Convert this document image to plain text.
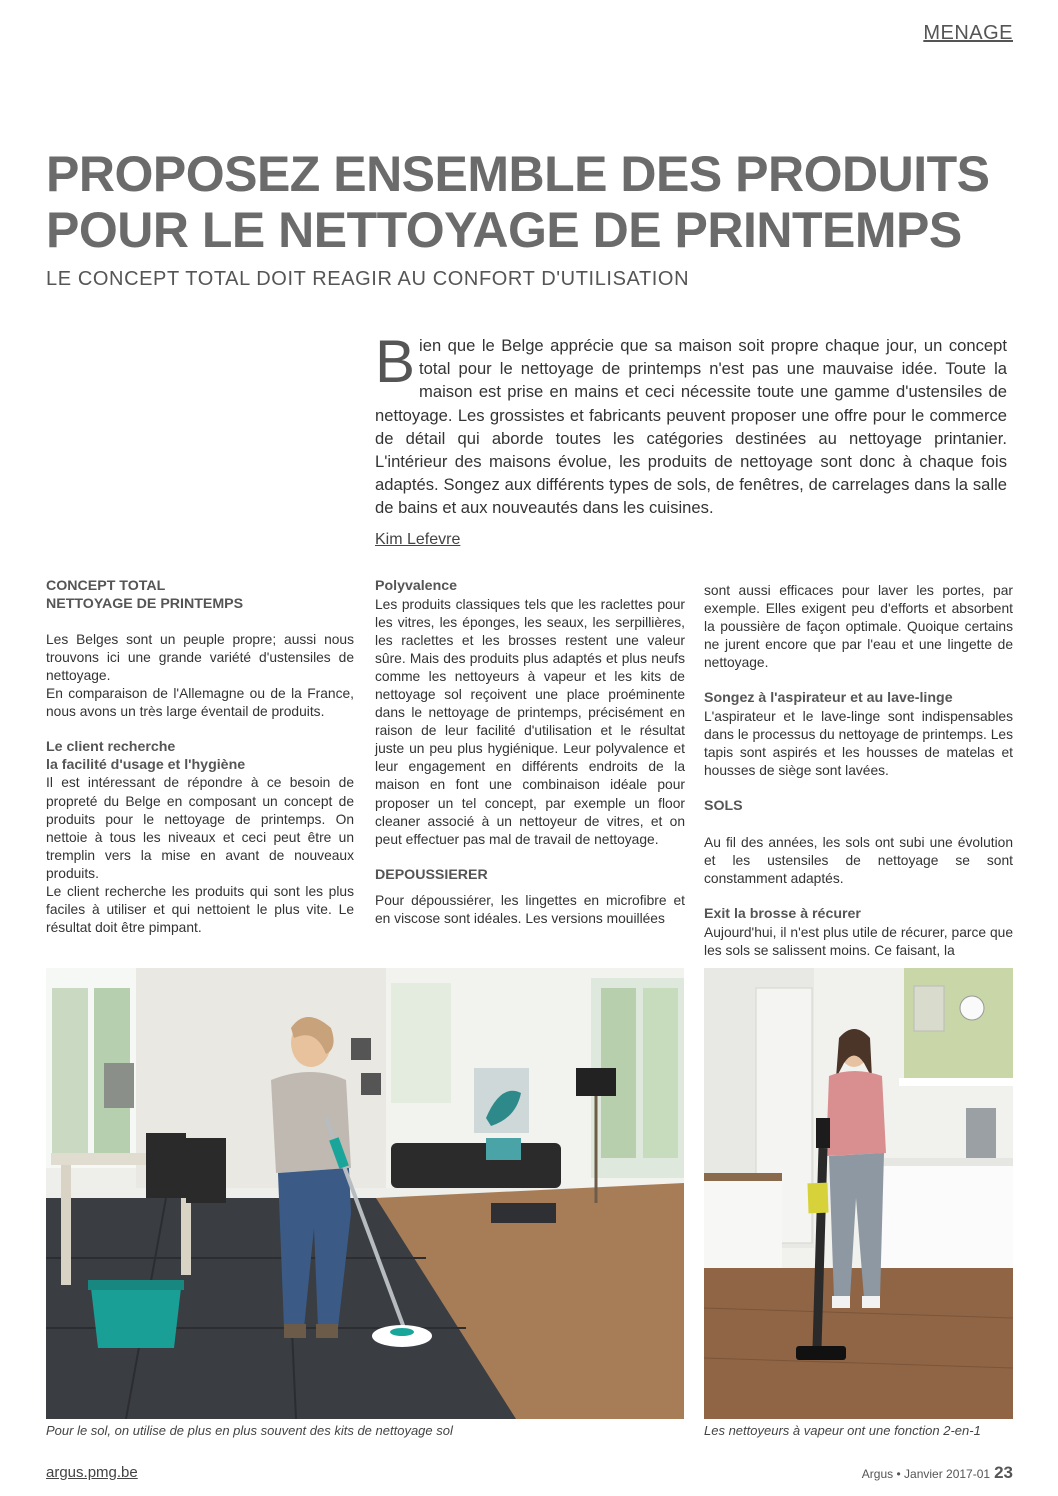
MENAGE
PROPOSEZ ENSEMBLE DES PRODUITS
POUR LE NETTOYAGE DE PRINTEMPS
LE CONCEPT TOTAL DOIT REAGIR AU CONFORT D'UTILISATION

Bien que le Belge apprécie que sa maison soit propre chaque jour, un concept total pour le nettoyage de printemps n'est pas une mauvaise idée. Toute la maison est prise en mains et ceci nécessite toute une gamme d'ustensiles de nettoyage. Les grossistes et fabricants peuvent proposer une offre pour le commerce de détail qui aborde toutes les catégories destinées au nettoyage printanier. L'intérieur des maisons évolue, les produits de nettoyage sont donc à chaque fois adaptés. Songez aux différents types de sols, de fenêtres, de carrelages dans la salle de bains et aux nouveautés dans les cuisines.

Kim Lefevre
CONCEPT TOTAL
NETTOYAGE DE PRINTEMPS

Les Belges sont un peuple propre; aussi nous trouvons ici une grande variété d'ustensiles de nettoyage.

En comparaison de l'Allemagne ou de la France, nous avons un très large éventail de produits.

Le client recherche
la facilité d'usage et l'hygiène

Il est intéressant de répondre à ce besoin de propreté du Belge en composant un concept de produits pour le nettoyage de printemps. On nettoie à tous les niveaux et ceci peut être un tremplin vers la mise en avant de nouveaux produits.

Le client recherche les produits qui sont les plus faciles à utiliser et qui nettoient le plus vite. Le résultat doit être pimpant.

Polyvalence

Les produits classiques tels que les raclettes pour les vitres, les éponges, les seaux, les serpillières, les raclettes et les brosses restent une valeur sûre. Mais des produits plus adaptés et plus neufs comme les nettoyeurs à vapeur et les kits de nettoyage sol reçoivent une place proéminente dans le nettoyage de printemps, précisément en raison de leur facilité d'utilisation et le résultat juste un peu plus hygiénique. Leur polyvalence et leur engagement en différents endroits de la maison en font une combinaison idéale pour proposer un tel concept, par exemple un floor cleaner associé à un nettoyeur de vitres, et on peut effectuer pas mal de travail de nettoyage.

DEPOUSSIERER

Pour dépoussiérer, les lingettes en microfibre et en viscose sont idéales. Les versions mouillées

sont aussi efficaces pour laver les portes, par exemple. Elles exigent peu d'efforts et absorbent la poussière de façon optimale. Quoique certains ne jurent encore que par l'eau et une lingette de nettoyage.

Songez à l'aspirateur et au lave-linge

L'aspirateur et le lave-linge sont indispensables dans le processus du nettoyage de printemps. Les tapis sont aspirés et les housses de matelas et housses de siège sont lavées.

SOLS

Au fil des années, les sols ont subi une évolution et les ustensiles de nettoyage se sont constamment adaptés.

Exit la brosse à récurer

Aujourd'hui, il n'est plus utile de récurer, parce que les sols se salissent moins. Ce faisant, la

Pour le sol, on utilise de plus en plus souvent des kits de nettoyage sol	Les nettoyeurs à vapeur ont une fonction 2-en-1
argus.pmg.be	Argus • Janvier 2017-01 23
